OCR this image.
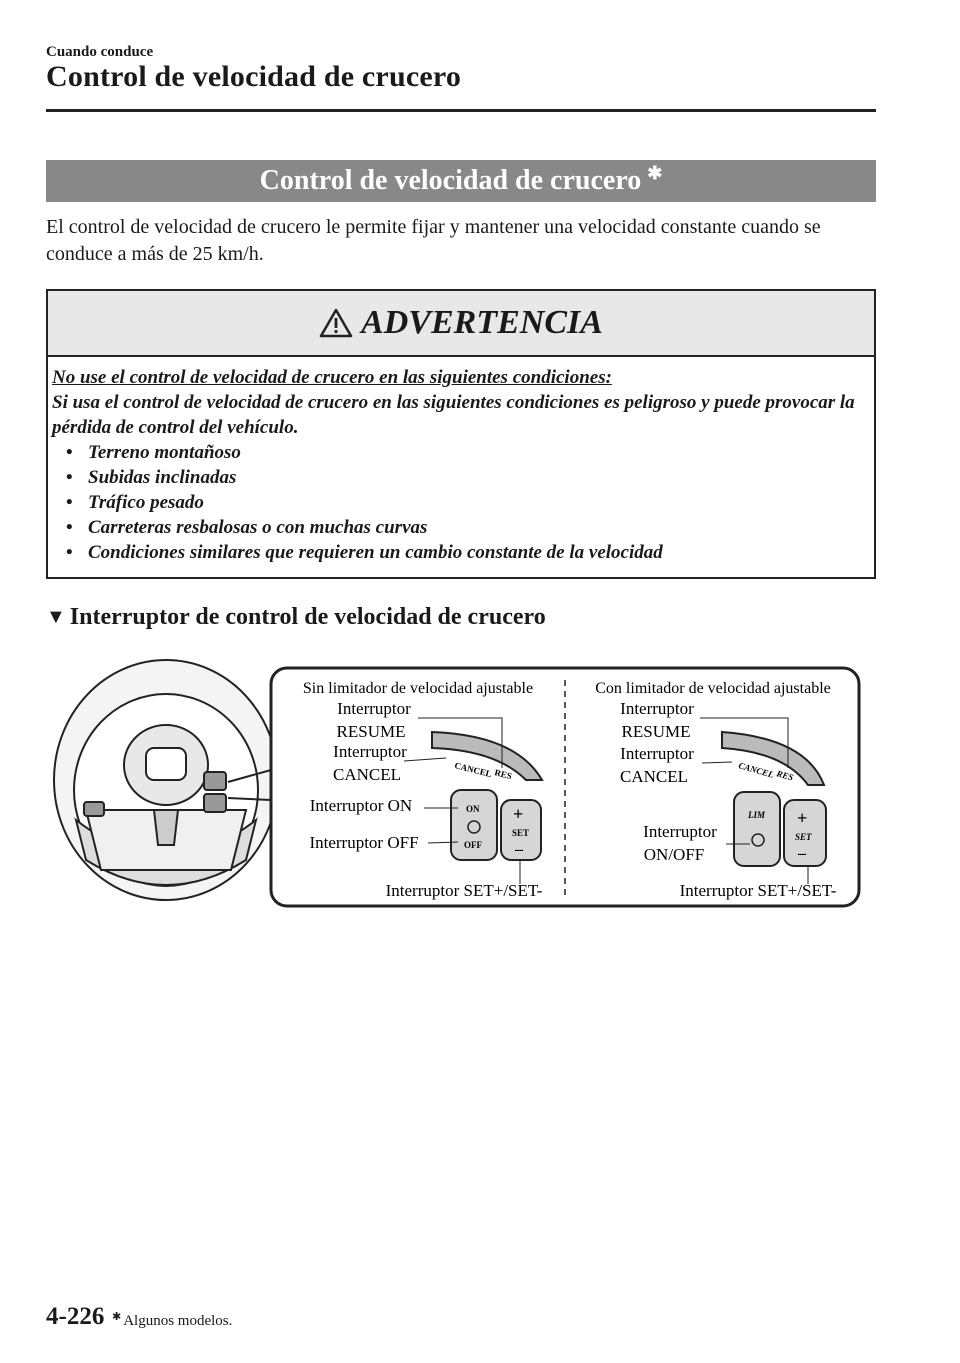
Cuando conduce
Control de velocidad de crucero
Control de velocidad de crucero ✱
El control de velocidad de crucero le permite fijar y mantener una velocidad constante cuando se conduce a más de 25 km/h.
ADVERTENCIA
No use el control de velocidad de crucero en las siguientes condiciones:
Si usa el control de velocidad de crucero en las siguientes condiciones es peligroso y puede provocar la pérdida de control del vehículo.
• Terreno montañoso
• Subidas inclinadas
• Tráfico pesado
• Carreteras resbalosas o con muchas curvas
• Condiciones similares que requieren un cambio constante de la velocidad
▼ Interruptor de control de velocidad de crucero
Sin limitador de velocidad ajustable
Interruptor
RESUME
Interruptor
CANCEL
Interruptor ON
Interruptor OFF
Interruptor SET+/SET-
CANCEL RES
ON
OFF
+
SET
–
Con limitador de velocidad ajustable
Interruptor
RESUME
Interruptor
CANCEL
Interruptor
ON/OFF
Interruptor SET+/SET-
CANCEL RES
LIM +
SET
–
4-226 ✱ Algunos modelos.
